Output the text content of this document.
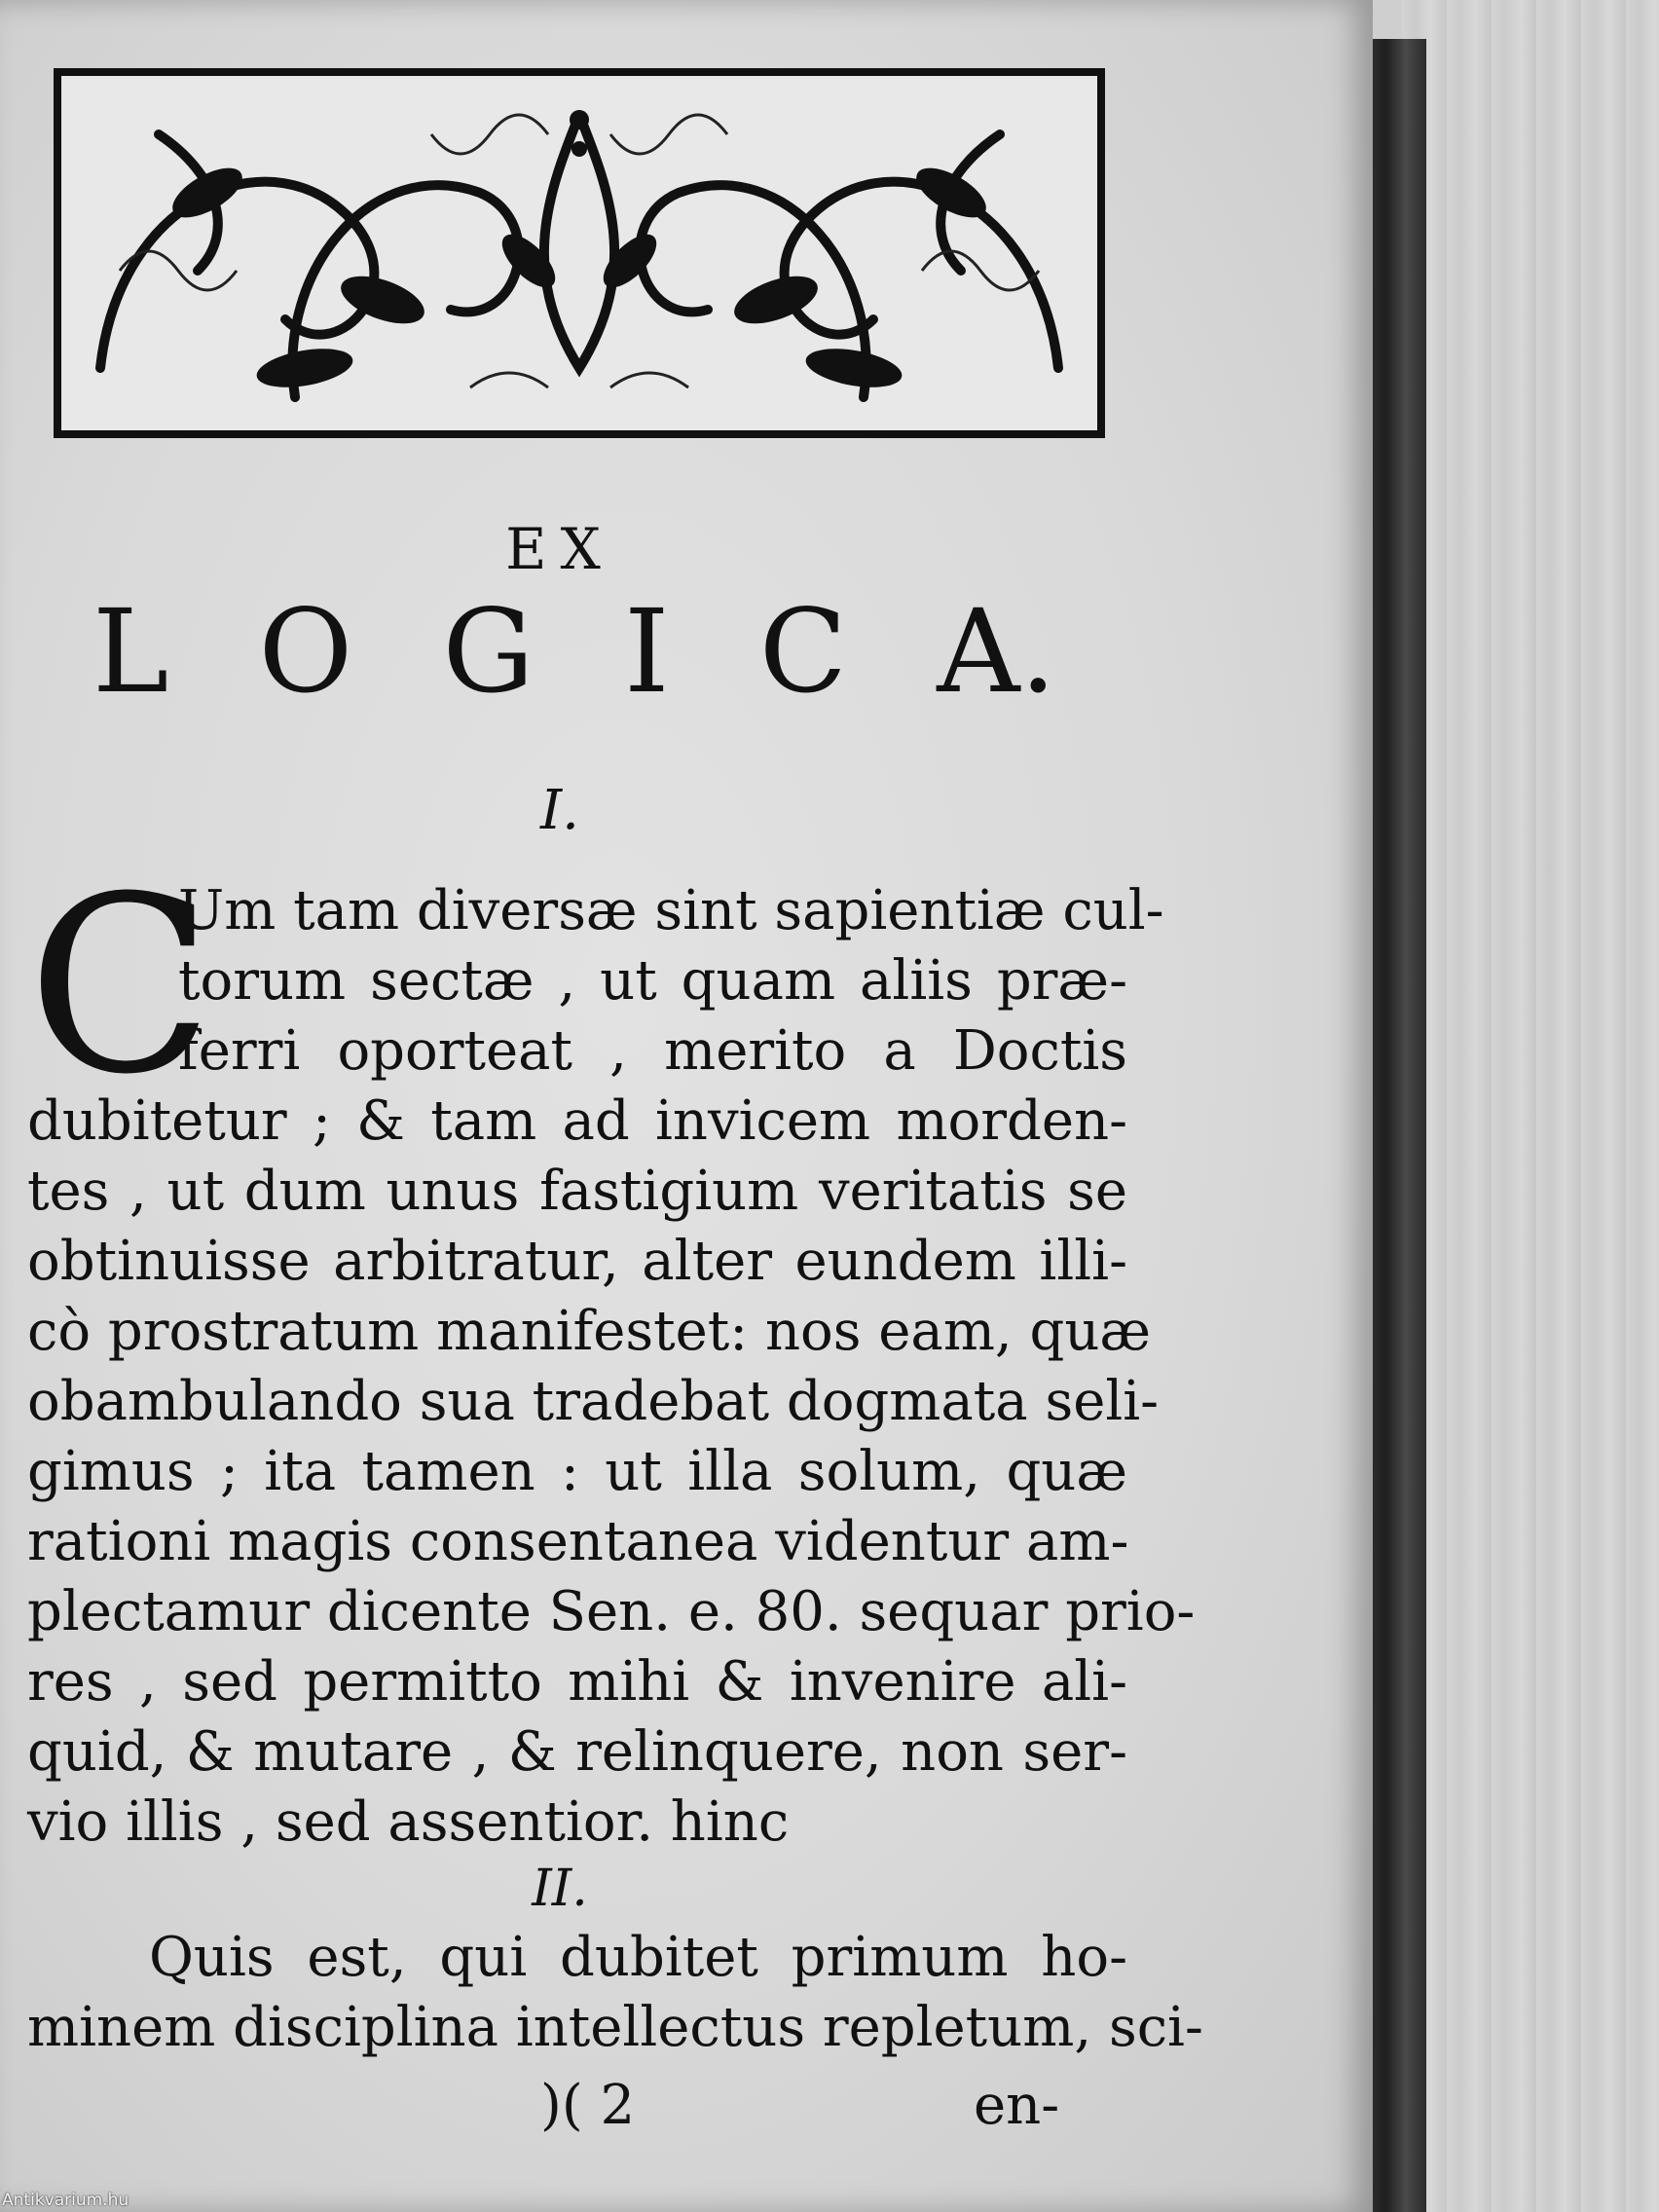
EX
L O G I C A.
I.
C
Um tam diversæ sint sapientiæ cul-
torum sectæ , ut quam aliis præ-
ferri oporteat , merito a Doctis
dubitetur ; & tam ad invicem morden-
tes , ut dum unus fastigium veritatis se
obtinuisse arbitratur, alter eundem illi-
cò prostratum manifestet: nos eam, quæ
obambulando sua tradebat dogmata seli-
gimus ; ita tamen : ut illa solum, quæ
rationi magis consentanea videntur am-
plectamur dicente Sen. e. 80. sequar prio-
res , sed permitto mihi & invenire ali-
quid, & mutare , & relinquere, non ser-
vio illis , sed assentior. hinc
II.
Quis est, qui dubitet primum ho-
minem disciplina intellectus repletum, sci-
)( 2	en-
Antikvarium.hu
